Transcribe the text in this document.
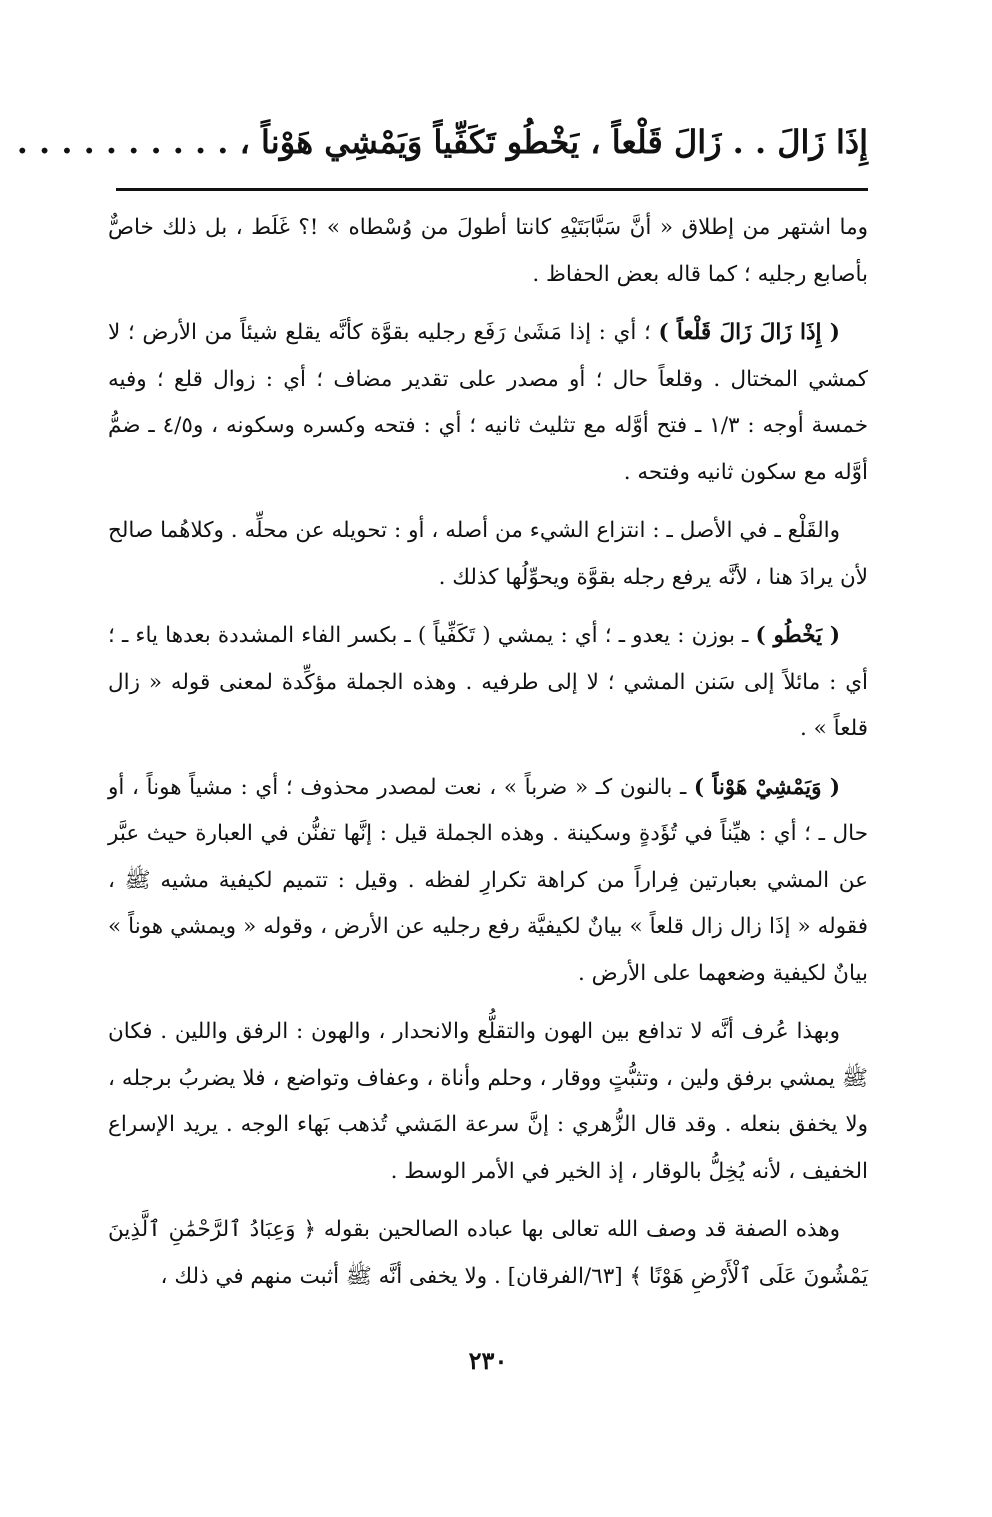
إِذَا زَالَ . . زَالَ قَلْعاً ، يَخْطُو تَكَفِّياً وَيَمْشِي هَوْناً ، . . . . . . . . . .

وما اشتهر من إطلاق « أنَّ سَبَّابَتَيْهِ كانتا أطولَ من وُسْطاه » !؟ غَلَط ، بل ذلك خاصٌّ بأصابع رجليه ؛ كما قاله بعض الحفاظ .

( إِذَا زَالَ زَالَ قَلْعاً ) ؛ أي : إذا مَشَىٰ رَفَع رجليه بقوَّة كأنَّه يقلع شيئاً من الأرض ؛ لا كمشي المختال . وقلعاً حال ؛ أو مصدر على تقدير مضاف ؛ أي : زوال قلع ؛ وفيه خمسة أوجه : ١/٣ ـ فتح أوَّله مع تثليث ثانيه ؛ أي : فتحه وكسره وسكونه ، و٤/٥ ـ ضمُّ أوَّله مع سكون ثانيه وفتحه .

والقَلْع ـ في الأصل ـ : انتزاع الشيء من أصله ، أو : تحويله عن محلِّه . وكلاهُما صالح لأن يرادَ هنا ، لأنَّه يرفع رجله بقوَّة ويحوِّلُها كذلك .

( يَخْطُو ) ـ بوزن : يعدو ـ ؛ أي : يمشي ( تَكَفِّياً ) ـ بكسر الفاء المشددة بعدها ياء ـ ؛ أي : مائلاً إلى سَنن المشي ؛ لا إلى طرفيه . وهذه الجملة مؤكِّدة لمعنى قوله « زال قلعاً » .

( وَيَمْشِيْ هَوْناً ) ـ بالنون كـ « ضرباً » ، نعت لمصدر محذوف ؛ أي : مشياً هوناً ، أو حال ـ ؛ أي : هيِّناً في تُؤَدةٍ وسكينة . وهذه الجملة قيل : إنَّها تفنُّن في العبارة حيث عبَّر عن المشي بعبارتين فِراراً من كراهة تكرارِ لفظه . وقيل : تتميم لكيفية مشيه ﷺ ، فقوله « إذَا زال زال قلعاً » بيانٌ لكيفيَّة رفع رجليه عن الأرض ، وقوله « ويمشي هوناً » بيانٌ لكيفية وضعهما على الأرض .

وبهذا عُرف أنَّه لا تدافع بين الهون والتقلُّع والانحدار ، والهون : الرفق واللين . فكان ﷺ يمشي برفق ولين ، وتثبُّتٍ ووقار ، وحلم وأناة ، وعفاف وتواضع ، فلا يضربُ برجله ، ولا يخفق بنعله . وقد قال الزُّهري : إنَّ سرعة المَشي تُذهب بَهاء الوجه . يريد الإسراع الخفيف ، لأنه يُخِلُّ بالوقار ، إذ الخير في الأمر الوسط .

وهذه الصفة قد وصف الله تعالى بها عباده الصالحين بقوله ﴿ وَعِبَادُ ٱلرَّحْمَٰنِ ٱلَّذِينَ يَمْشُونَ عَلَى ٱلْأَرْضِ هَوْنًا ﴾ [٦٣/الفرقان] . ولا يخفى أنَّه ﷺ أثبت منهم في ذلك ،

٢٣٠
